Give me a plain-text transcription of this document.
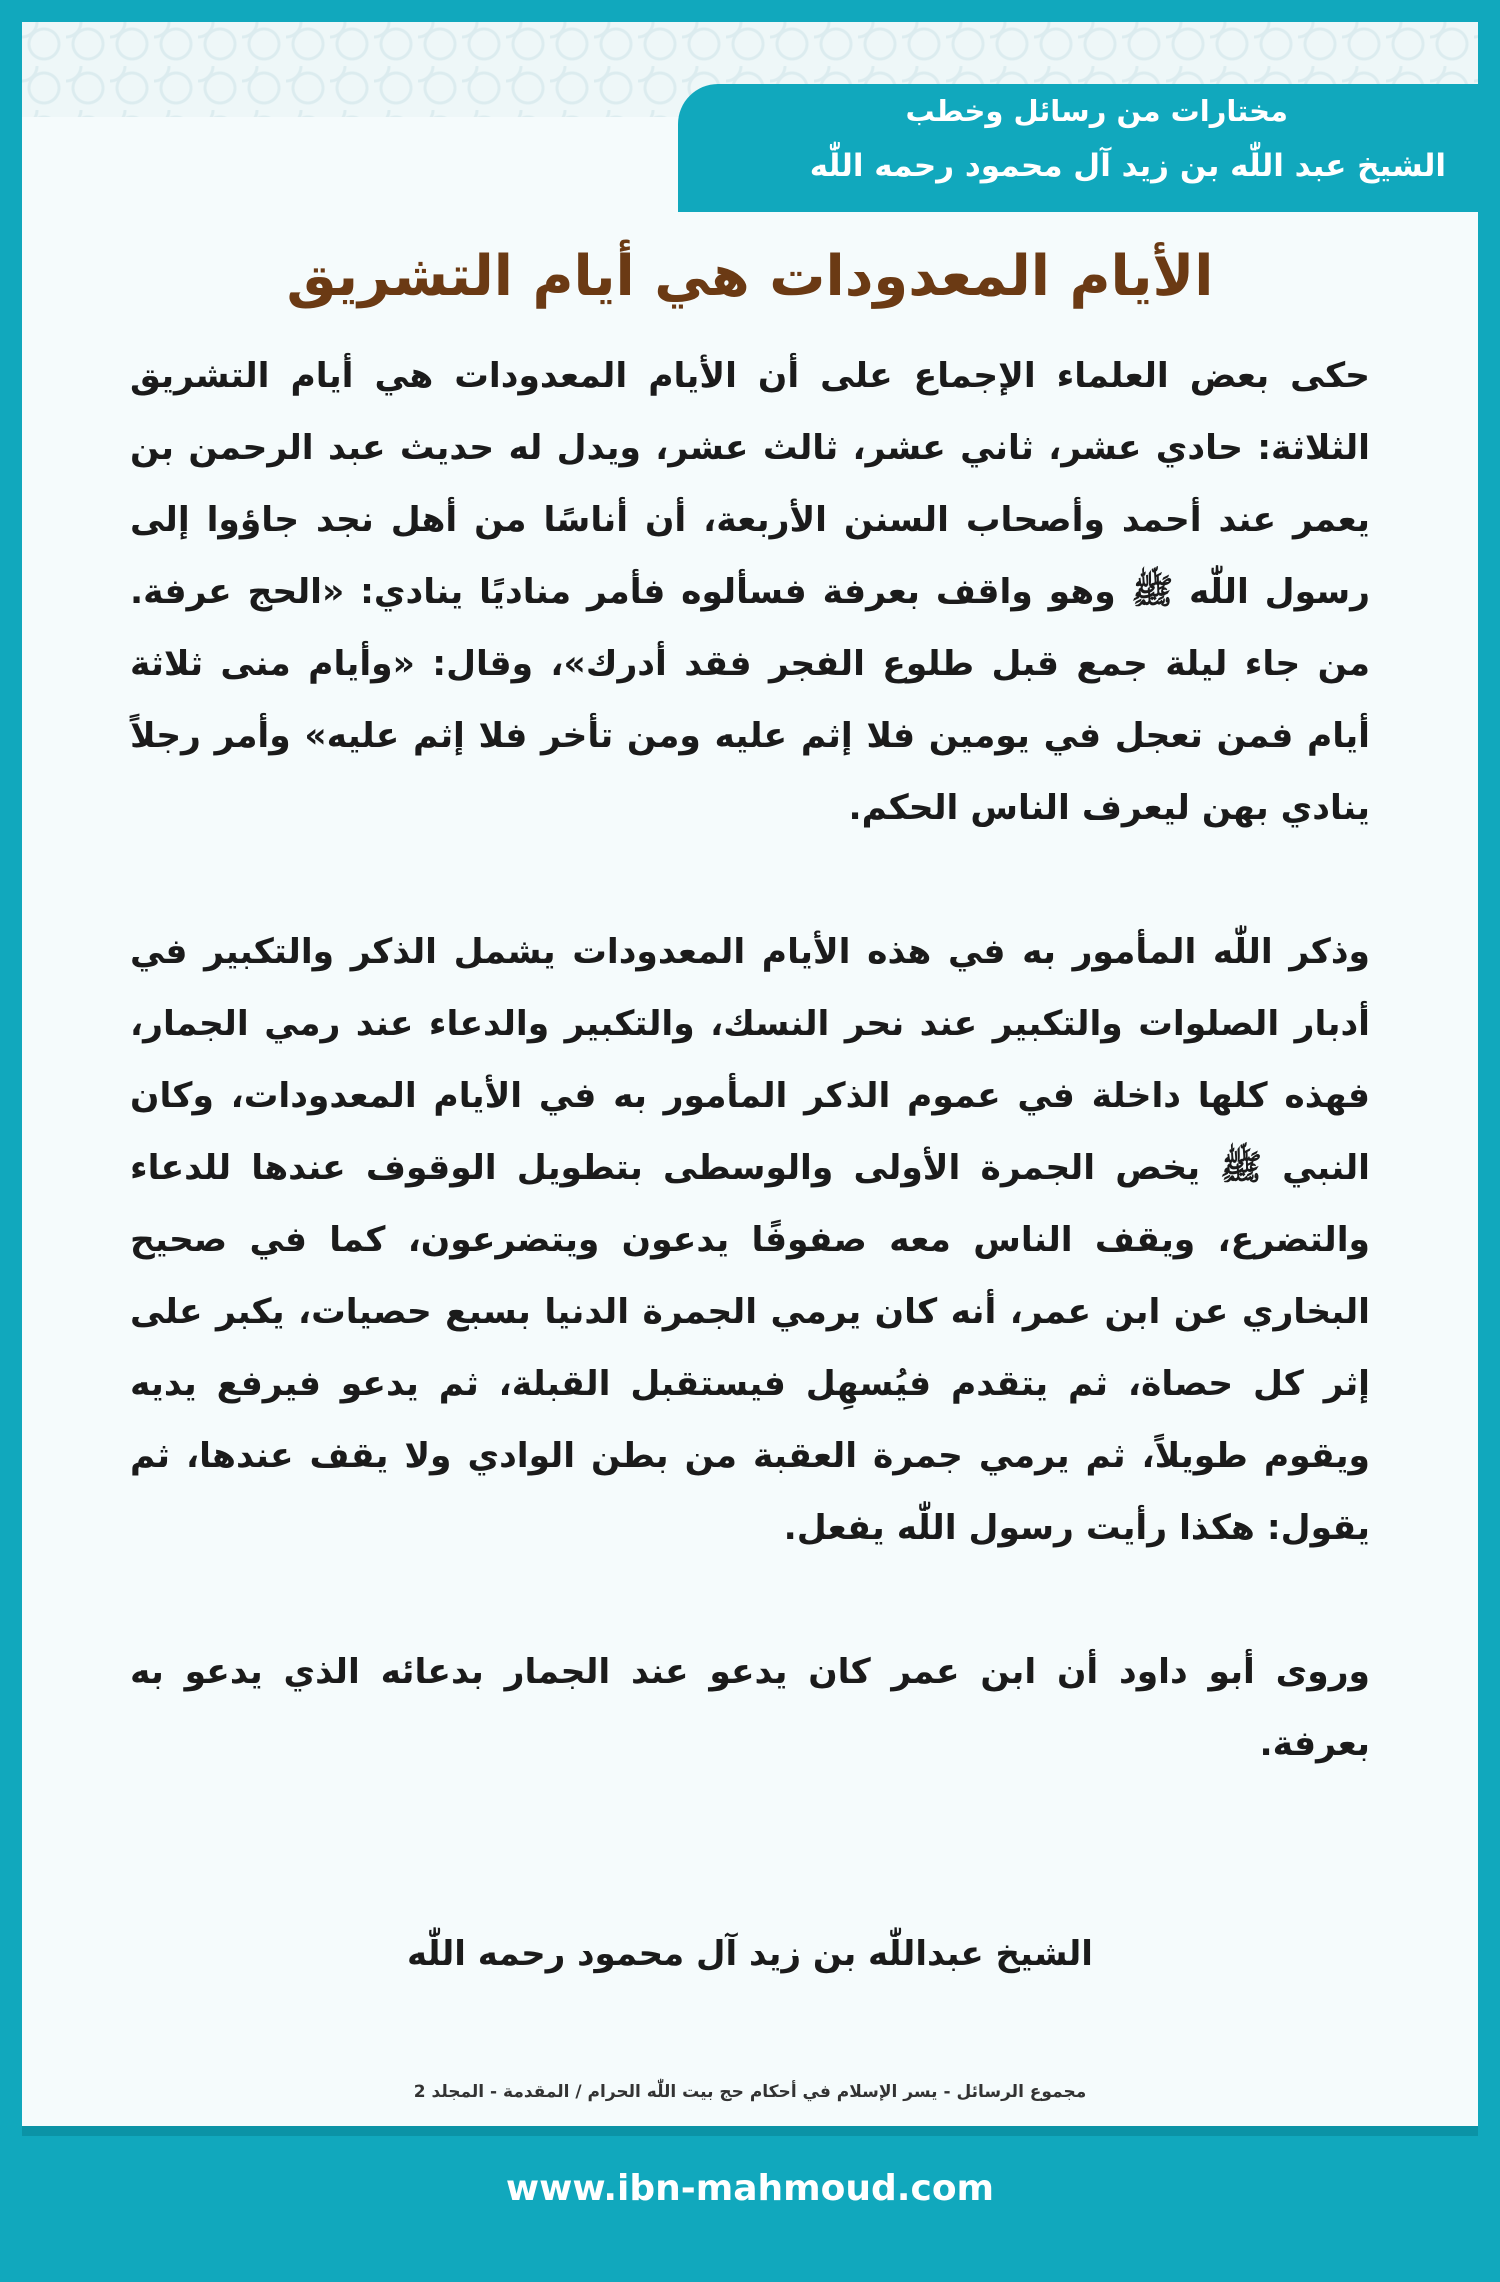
مختارات من رسائل وخطب
الشيخ عبد اللّٰه بن زيد آل محمود رحمه اللّٰه
الأيام المعدودات هي أيام التشريق

حكى بعض العلماء الإجماع على أن الأيام المعدودات هي أيام التشريق الثلاثة: حادي عشر، ثاني عشر، ثالث عشر، ويدل له حديث عبد الرحمن بن يعمر عند أحمد وأصحاب السنن الأربعة، أن أناسًا من أهل نجد جاؤوا إلى رسول اللّٰه ﷺ وهو واقف بعرفة فسألوه فأمر مناديًا ينادي: «الحج عرفة. من جاء ليلة جمع قبل طلوع الفجر فقد أدرك»، وقال: «وأيام منى ثلاثة أيام فمن تعجل في يومين فلا إثم عليه ومن تأخر فلا إثم عليه» وأمر رجلاً ينادي بهن ليعرف الناس الحكم.

وذكر اللّٰه المأمور به في هذه الأيام المعدودات يشمل الذكر والتكبير في أدبار الصلوات والتكبير عند نحر النسك، والتكبير والدعاء عند رمي الجمار، فهذه كلها داخلة في عموم الذكر المأمور به في الأيام المعدودات، وكان النبي ﷺ يخص الجمرة الأولى والوسطى بتطويل الوقوف عندها للدعاء والتضرع، ويقف الناس معه صفوفًا يدعون ويتضرعون، كما في صحيح البخاري عن ابن عمر، أنه كان يرمي الجمرة الدنيا بسبع حصيات، يكبر على إثر كل حصاة، ثم يتقدم فيُسهِل فيستقبل القبلة، ثم يدعو فيرفع يديه ويقوم طويلاً، ثم يرمي جمرة العقبة من بطن الوادي ولا يقف عندها، ثم يقول: هكذا رأيت رسول اللّٰه يفعل.

وروى أبو داود أن ابن عمر كان يدعو عند الجمار بدعائه الذي يدعو به بعرفة.

الشيخ عبداللّٰه بن زيد آل محمود رحمه اللّٰه
مجموع الرسائل - يسر الإسلام في أحكام حج بيت اللّٰه الحرام / المقدمة - المجلد 2
www.ibn-mahmoud.com
